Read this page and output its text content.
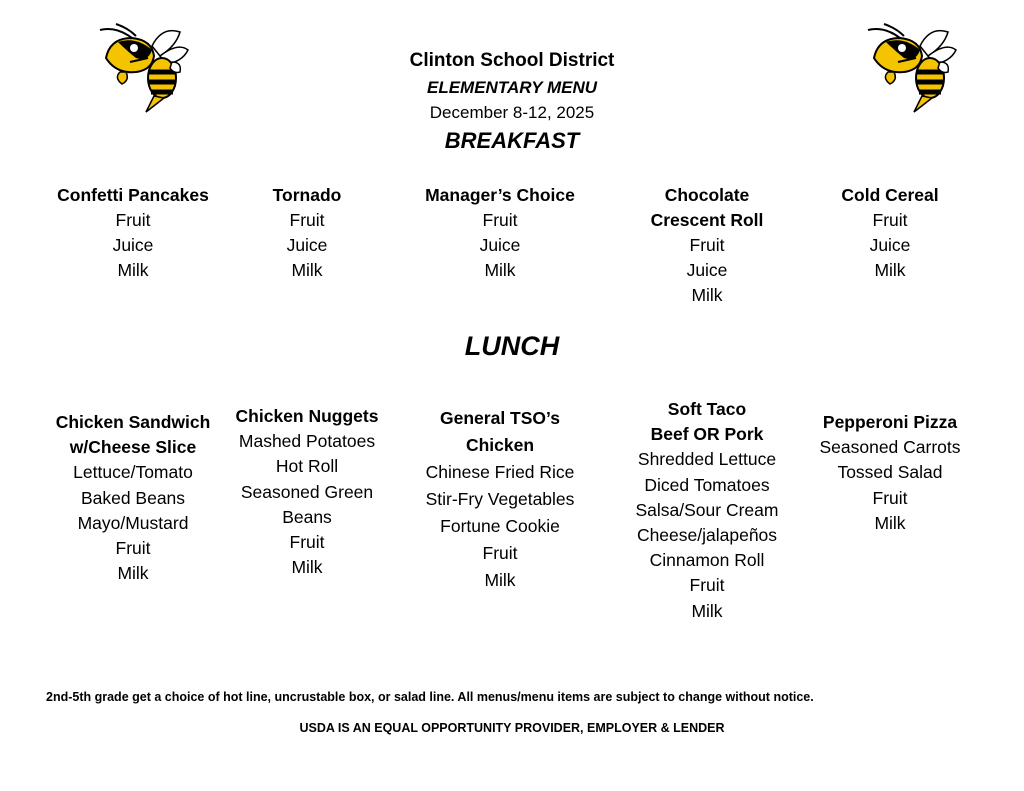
Clinton School District
ELEMENTARY MENU
December 8-12, 2025
BREAKFAST
LUNCH
Confetti Pancakes
Fruit
Juice
Milk
Tornado
Fruit
Juice
Milk
Manager’s Choice
Fruit
Juice
Milk
Chocolate
Crescent Roll
Fruit
Juice
Milk
Cold Cereal
Fruit
Juice
Milk
Chicken Sandwich
w/Cheese Slice
Lettuce/Tomato
Baked Beans
Mayo/Mustard
Fruit
Milk
Chicken Nuggets
Mashed Potatoes
Hot Roll
Seasoned Green
Beans
Fruit
Milk
General TSO’s
Chicken
Chinese Fried Rice
Stir-Fry Vegetables
Fortune Cookie
Fruit
Milk
Soft Taco
Beef OR Pork
Shredded Lettuce
Diced Tomatoes
Salsa/Sour Cream
Cheese/jalapeños
Cinnamon Roll
Fruit
Milk
Pepperoni Pizza
Seasoned Carrots
Tossed Salad
Fruit
Milk
2nd-5th grade get a choice of hot line, uncrustable box, or salad line. All menus/menu items are subject to change without notice.
USDA IS AN EQUAL OPPORTUNITY PROVIDER, EMPLOYER & LENDER
